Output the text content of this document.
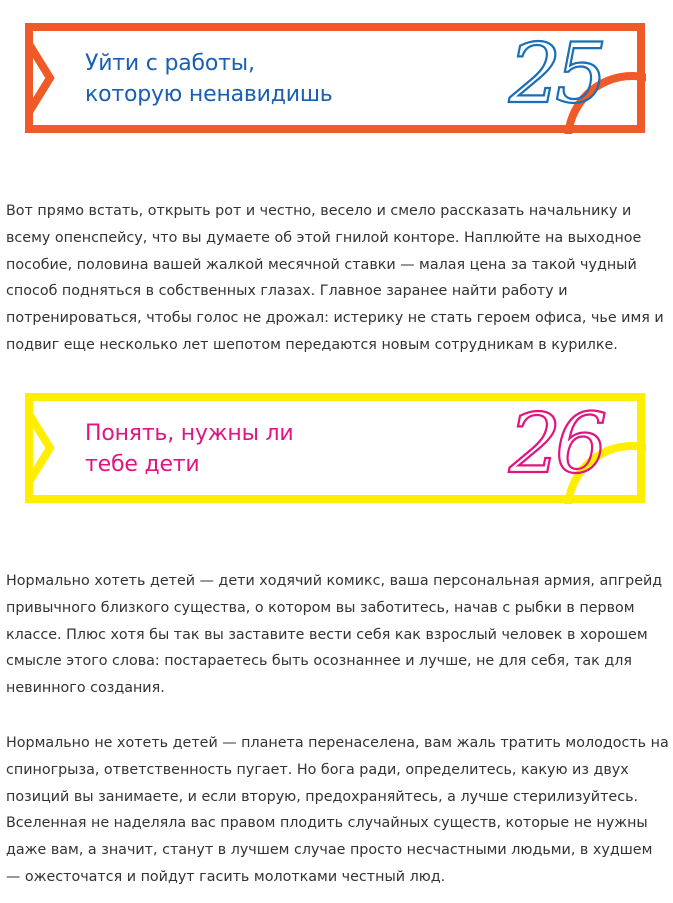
25
Уйти с работы,
которую ненавидишь
Вот прямо встать, открыть рот и честно, весело и смело рассказать начальнику и
всему опенспейсу, что вы думаете об этой гнилой конторе. Наплюйте на выходное
пособие, половина вашей жалкой месячной ставки — малая цена за такой чудный
способ подняться в собственных глазах. Главное заранее найти работу и
потренироваться, чтобы голос не дрожал: истерику не стать героем офиса, чье имя и
подвиг еще несколько лет шепотом передаются новым сотрудникам в курилке.
26
Понять, нужны ли
тебе дети
Нормально хотеть детей — дети ходячий комикс, ваша персональная армия, апгрейд
привычного близкого существа, о котором вы заботитесь, начав с рыбки в первом
классе. Плюс хотя бы так вы заставите вести себя как взрослый человек в хорошем
смысле этого слова: постараетесь быть осознаннее и лучше, не для себя, так для
невинного создания.
Нормально не хотеть детей — планета перенаселена, вам жаль тратить молодость на
спиногрыза, ответственность пугает. Но бога ради, определитесь, какую из двух
позиций вы занимаете, и если вторую, предохраняйтесь, а лучше стерилизуйтесь.
Вселенная не наделяла вас правом плодить случайных существ, которые не нужны
даже вам, а значит, станут в лучшем случае просто несчастными людьми, в худшем
— ожесточатся и пойдут гасить молотками честный люд.
